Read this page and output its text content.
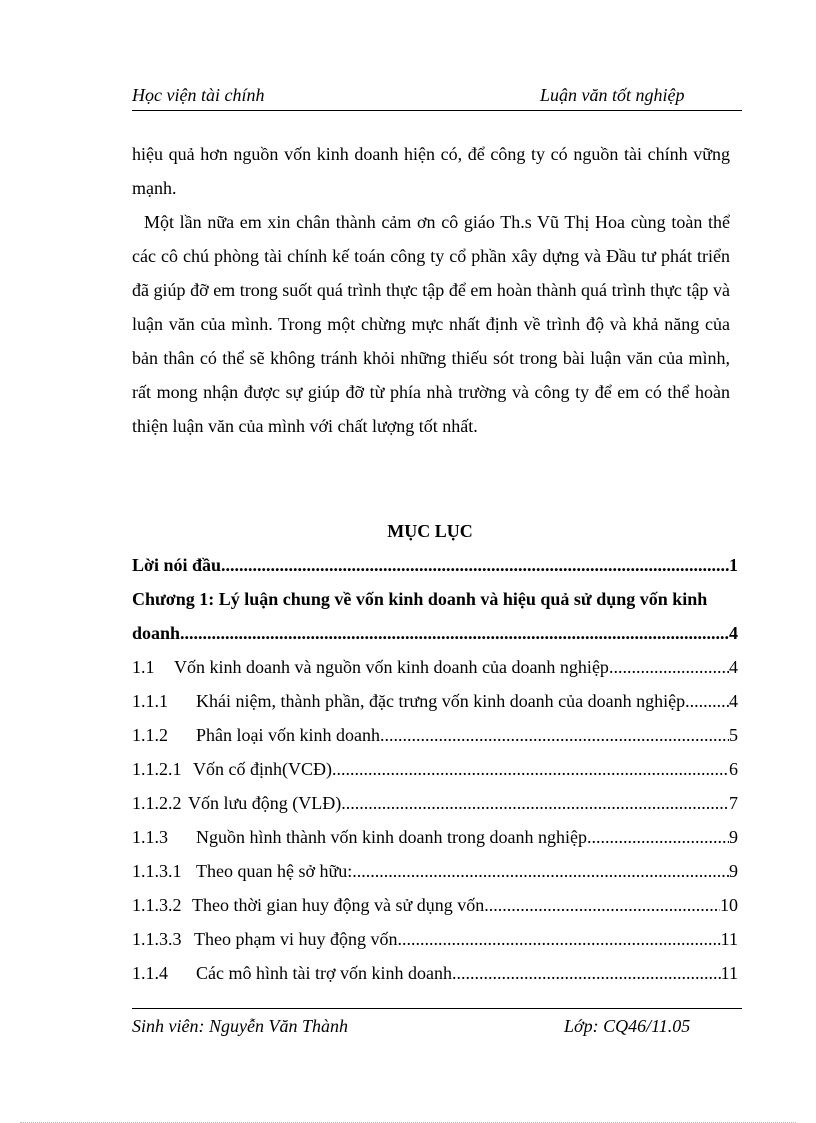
Học viện tài chính	Luận văn tốt nghiệp

hiệu quả hơn nguồn vốn kinh doanh hiện có, để công ty có nguồn tài chính vững mạnh.

Một lần nữa em xin chân thành cảm ơn cô giáo Th.s Vũ Thị Hoa cùng toàn thể các cô chú phòng tài chính kế toán công ty cổ phần xây dựng và Đầu tư phát triển đã giúp đỡ em trong suốt quá trình thực tập để em hoàn thành quá trình thực tập và luận văn của mình. Trong một chừng mực nhất định về trình độ và khả năng của bản thân có thể sẽ không tránh khỏi những thiếu sót trong bài luận văn của mình, rất mong nhận được sự giúp đỡ từ phía nhà trường và công ty để em có thể hoàn thiện luận văn của mình với chất lượng tốt nhất.

MỤC LỤC
Lời nói đầu .....	1
Chương 1: Lý luận chung về vốn kinh doanh và hiệu quả sử dụng vốn kinh
doanh .....	4
1.1	Vốn kinh doanh và nguồn vốn kinh doanh của doanh nghiệp .....	4
1.1.1	Khái niệm, thành phần, đặc trưng vốn kinh doanh của doanh nghiệp ..... 4
1.1.2	Phân loại vốn kinh doanh .....	5
1.1.2.1 Vốn cố định(VCĐ) .....	6
1.1.2.2 Vốn lưu động (VLĐ) .....	7
1.1.3	Nguồn hình thành vốn kinh doanh trong doanh nghiệp .....	9
1.1.3.1 Theo quan hệ sở hữu: .....	9
1.1.3.2 Theo thời gian huy động và sử dụng vốn .....	10
1.1.3.3 Theo phạm vi huy động vốn .....	11
1.1.4	Các mô hình tài trợ vốn kinh doanh .....	11
Sinh viên: Nguyễn Văn Thành	Lớp: CQ46/11.05
